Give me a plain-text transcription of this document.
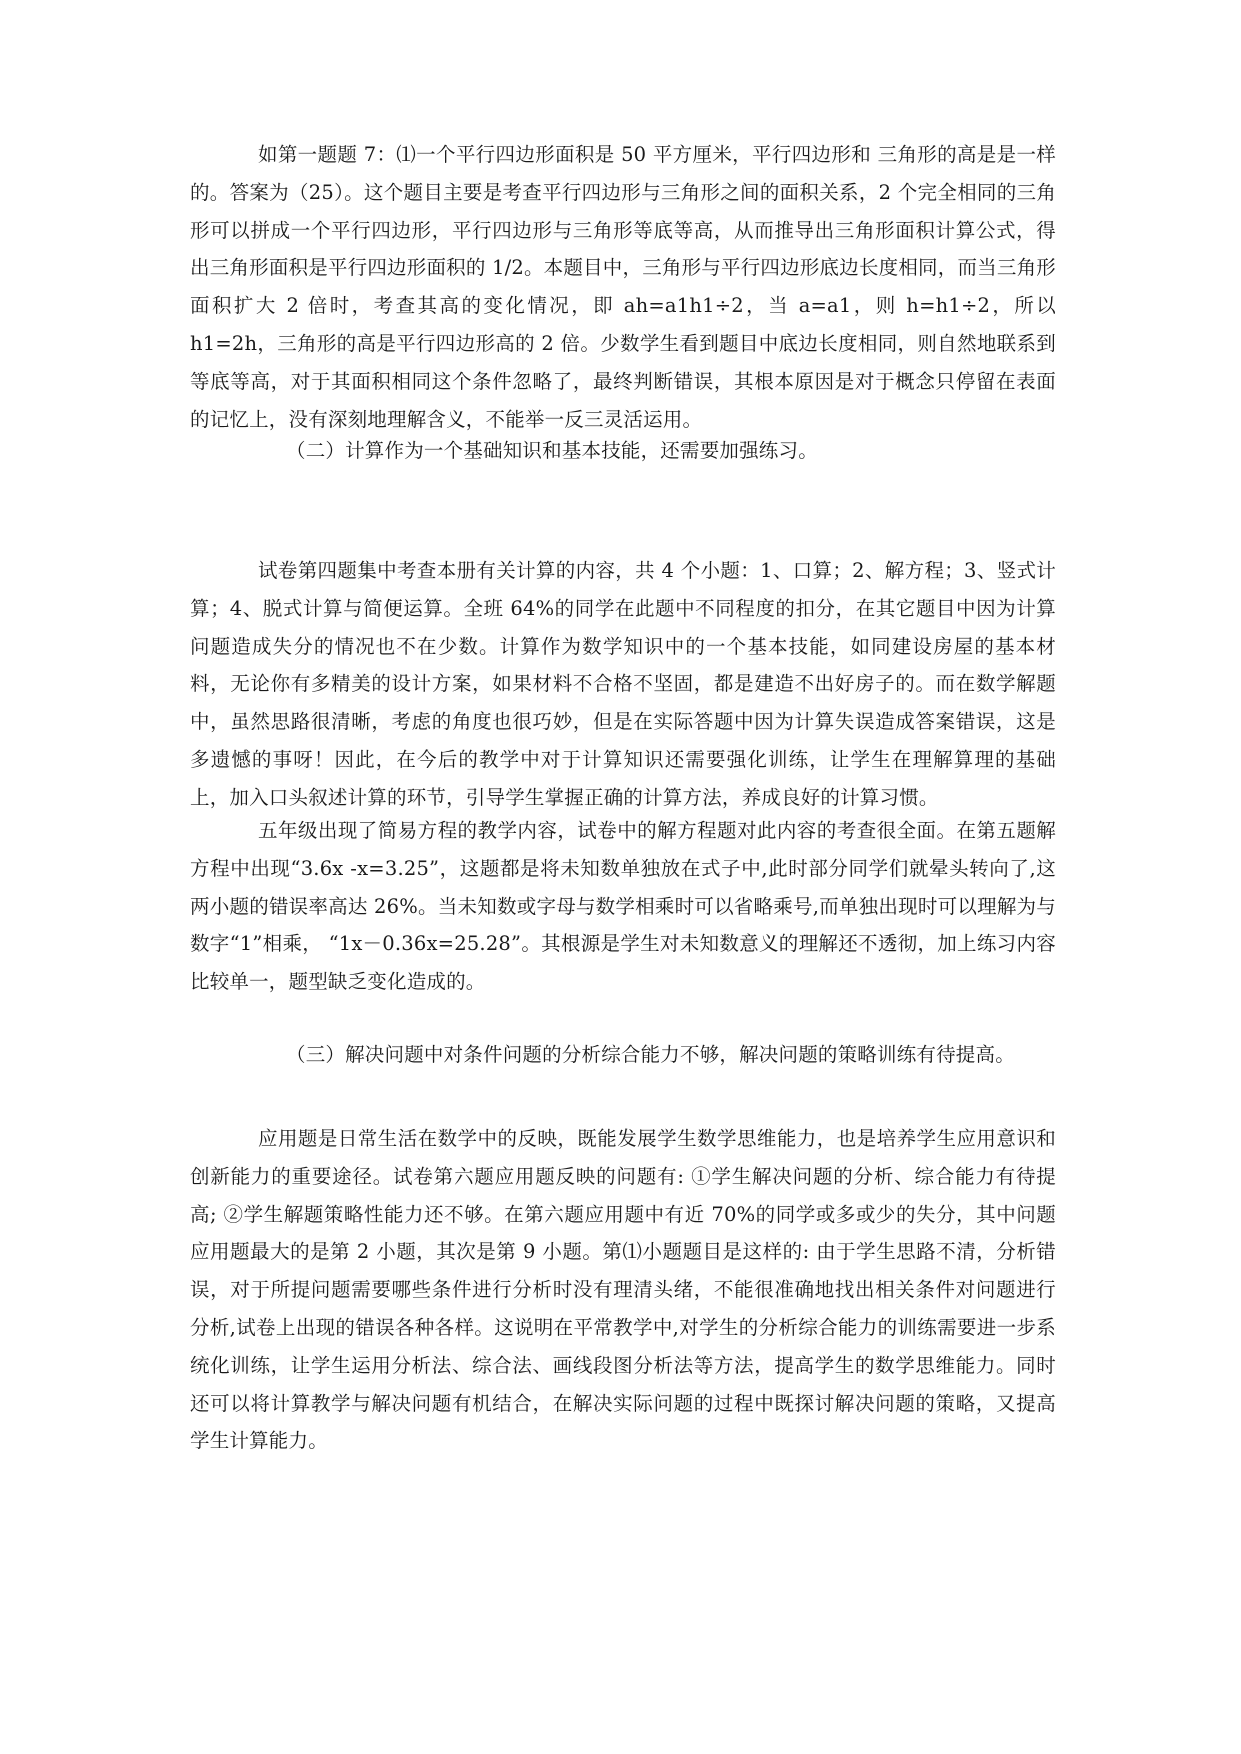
如第一题题 7：⑴一个平行四边形面积是 50 平方厘米，平行四边形和 三角形的高是是一样的。答案为（25）。这个题目主要是考查平行四边形与三角形之间的面积关系，2 个完全相同的三角形可以拼成一个平行四边形，平行四边形与三角形等底等高，从而推导出三角形面积计算公式，得出三角形面积是平行四边形面积的 1/2。本题目中，三角形与平行四边形底边长度相同，而当三角形面积扩大 2 倍时，考查其高的变化情况，即 ah=a1h1÷2，当 a=a1，则 h=h1÷2，所以 h1=2h，三角形的高是平行四边形高的 2 倍。少数学生看到题目中底边长度相同，则自然地联系到等底等高，对于其面积相同这个条件忽略了，最终判断错误，其根本原因是对于概念只停留在表面的记忆上，没有深刻地理解含义，不能举一反三灵活运用。

（二）计算作为一个基础知识和基本技能，还需要加强练习。

试卷第四题集中考查本册有关计算的内容，共 4 个小题：1、口算；2、解方程；3、竖式计算；4、脱式计算与简便运算。全班 64%的同学在此题中不同程度的扣分，在其它题目中因为计算问题造成失分的情况也不在少数。计算作为数学知识中的一个基本技能，如同建设房屋的基本材料，无论你有多精美的设计方案，如果材料不合格不坚固，都是建造不出好房子的。而在数学解题中，虽然思路很清晰，考虑的角度也很巧妙，但是在实际答题中因为计算失误造成答案错误，这是多遗憾的事呀！因此，在今后的教学中对于计算知识还需要强化训练，让学生在理解算理的基础上，加入口头叙述计算的环节，引导学生掌握正确的计算方法，养成良好的计算习惯。

五年级出现了简易方程的教学内容，试卷中的解方程题对此内容的考查很全面。在第五题解方程中出现“3.6x -x=3.25”，这题都是将未知数单独放在式子中,此时部分同学们就晕头转向了,这两小题的错误率高达 26%。当未知数或字母与数学相乘时可以省略乘号,而单独出现时可以理解为与数字“1”相乘， “1x－0.36x=25.28”。其根源是学生对未知数意义的理解还不透彻，加上练习内容比较单一，题型缺乏变化造成的。

（三）解决问题中对条件问题的分析综合能力不够，解决问题的策略训练有待提高。

应用题是日常生活在数学中的反映，既能发展学生数学思维能力，也是培养学生应用意识和创新能力的重要途径。试卷第六题应用题反映的问题有: ①学生解决问题的分析、综合能力有待提高; ②学生解题策略性能力还不够。在第六题应用题中有近 70%的同学或多或少的失分，其中问题应用题最大的是第 2 小题，其次是第 9 小题。第⑴小题题目是这样的: 由于学生思路不清，分析错误，对于所提问题需要哪些条件进行分析时没有理清头绪，不能很准确地找出相关条件对问题进行分析,试卷上出现的错误各种各样。这说明在平常教学中,对学生的分析综合能力的训练需要进一步系统化训练，让学生运用分析法、综合法、画线段图分析法等方法，提高学生的数学思维能力。同时还可以将计算教学与解决问题有机结合，在解决实际问题的过程中既探讨解决问题的策略，又提高学生计算能力。
